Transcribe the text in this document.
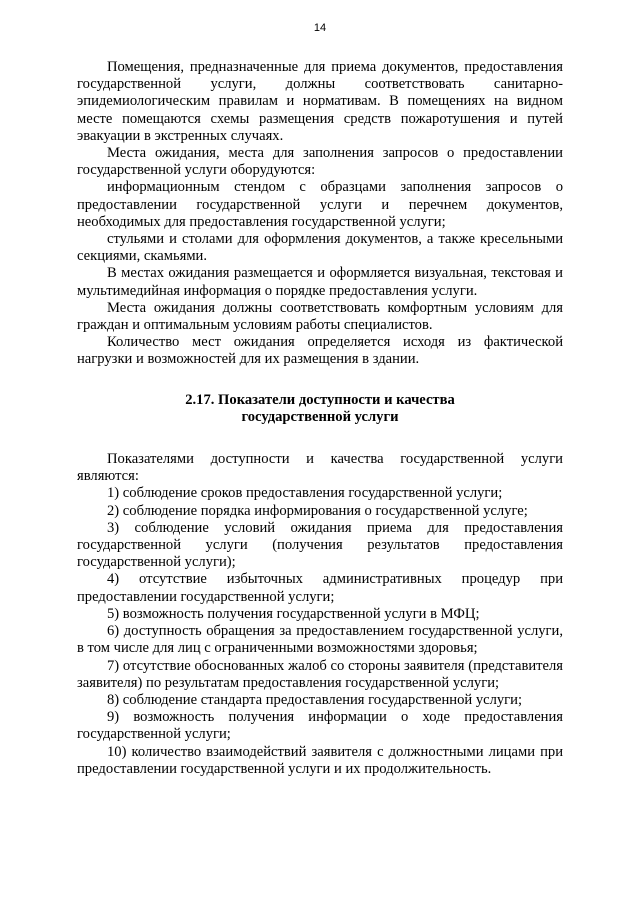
14

Помещения, предназначенные для приема документов, предоставления государственной услуги, должны соответствовать санитарно-эпидемиологическим правилам и нормативам. В помещениях на видном месте помещаются схемы размещения средств пожаротушения и путей эвакуации в экстренных случаях.

Места ожидания, места для заполнения запросов о предоставлении государственной услуги оборудуются:

информационным стендом с образцами заполнения запросов о предоставлении государственной услуги и перечнем документов, необходимых для предоставления государственной услуги;

стульями и столами для оформления документов, а также кресельными секциями, скамьями.

В местах ожидания размещается и оформляется визуальная, текстовая и мультимедийная информация о порядке предоставления услуги.

Места ожидания должны соответствовать комфортным условиям для граждан и оптимальным условиям работы специалистов.

Количество мест ожидания определяется исходя из фактической нагрузки и возможностей для их размещения в здании.

2.17. Показатели доступности и качества
государственной услуги

Показателями доступности и качества государственной услуги являются:

1) соблюдение сроков предоставления государственной услуги;

2) соблюдение порядка информирования о государственной услуге;

3) соблюдение условий ожидания приема для предоставления государственной услуги (получения результатов предоставления государственной услуги);

4) отсутствие избыточных административных процедур при предоставлении государственной услуги;

5) возможность получения государственной услуги в МФЦ;

6) доступность обращения за предоставлением государственной услуги, в том числе для лиц с ограниченными возможностями здоровья;

7) отсутствие обоснованных жалоб со стороны заявителя (представителя заявителя) по результатам предоставления государственной услуги;

8) соблюдение стандарта предоставления государственной услуги;

9) возможность получения информации о ходе предоставления государственной услуги;

10) количество взаимодействий заявителя с должностными лицами при предоставлении государственной услуги и их продолжительность.
